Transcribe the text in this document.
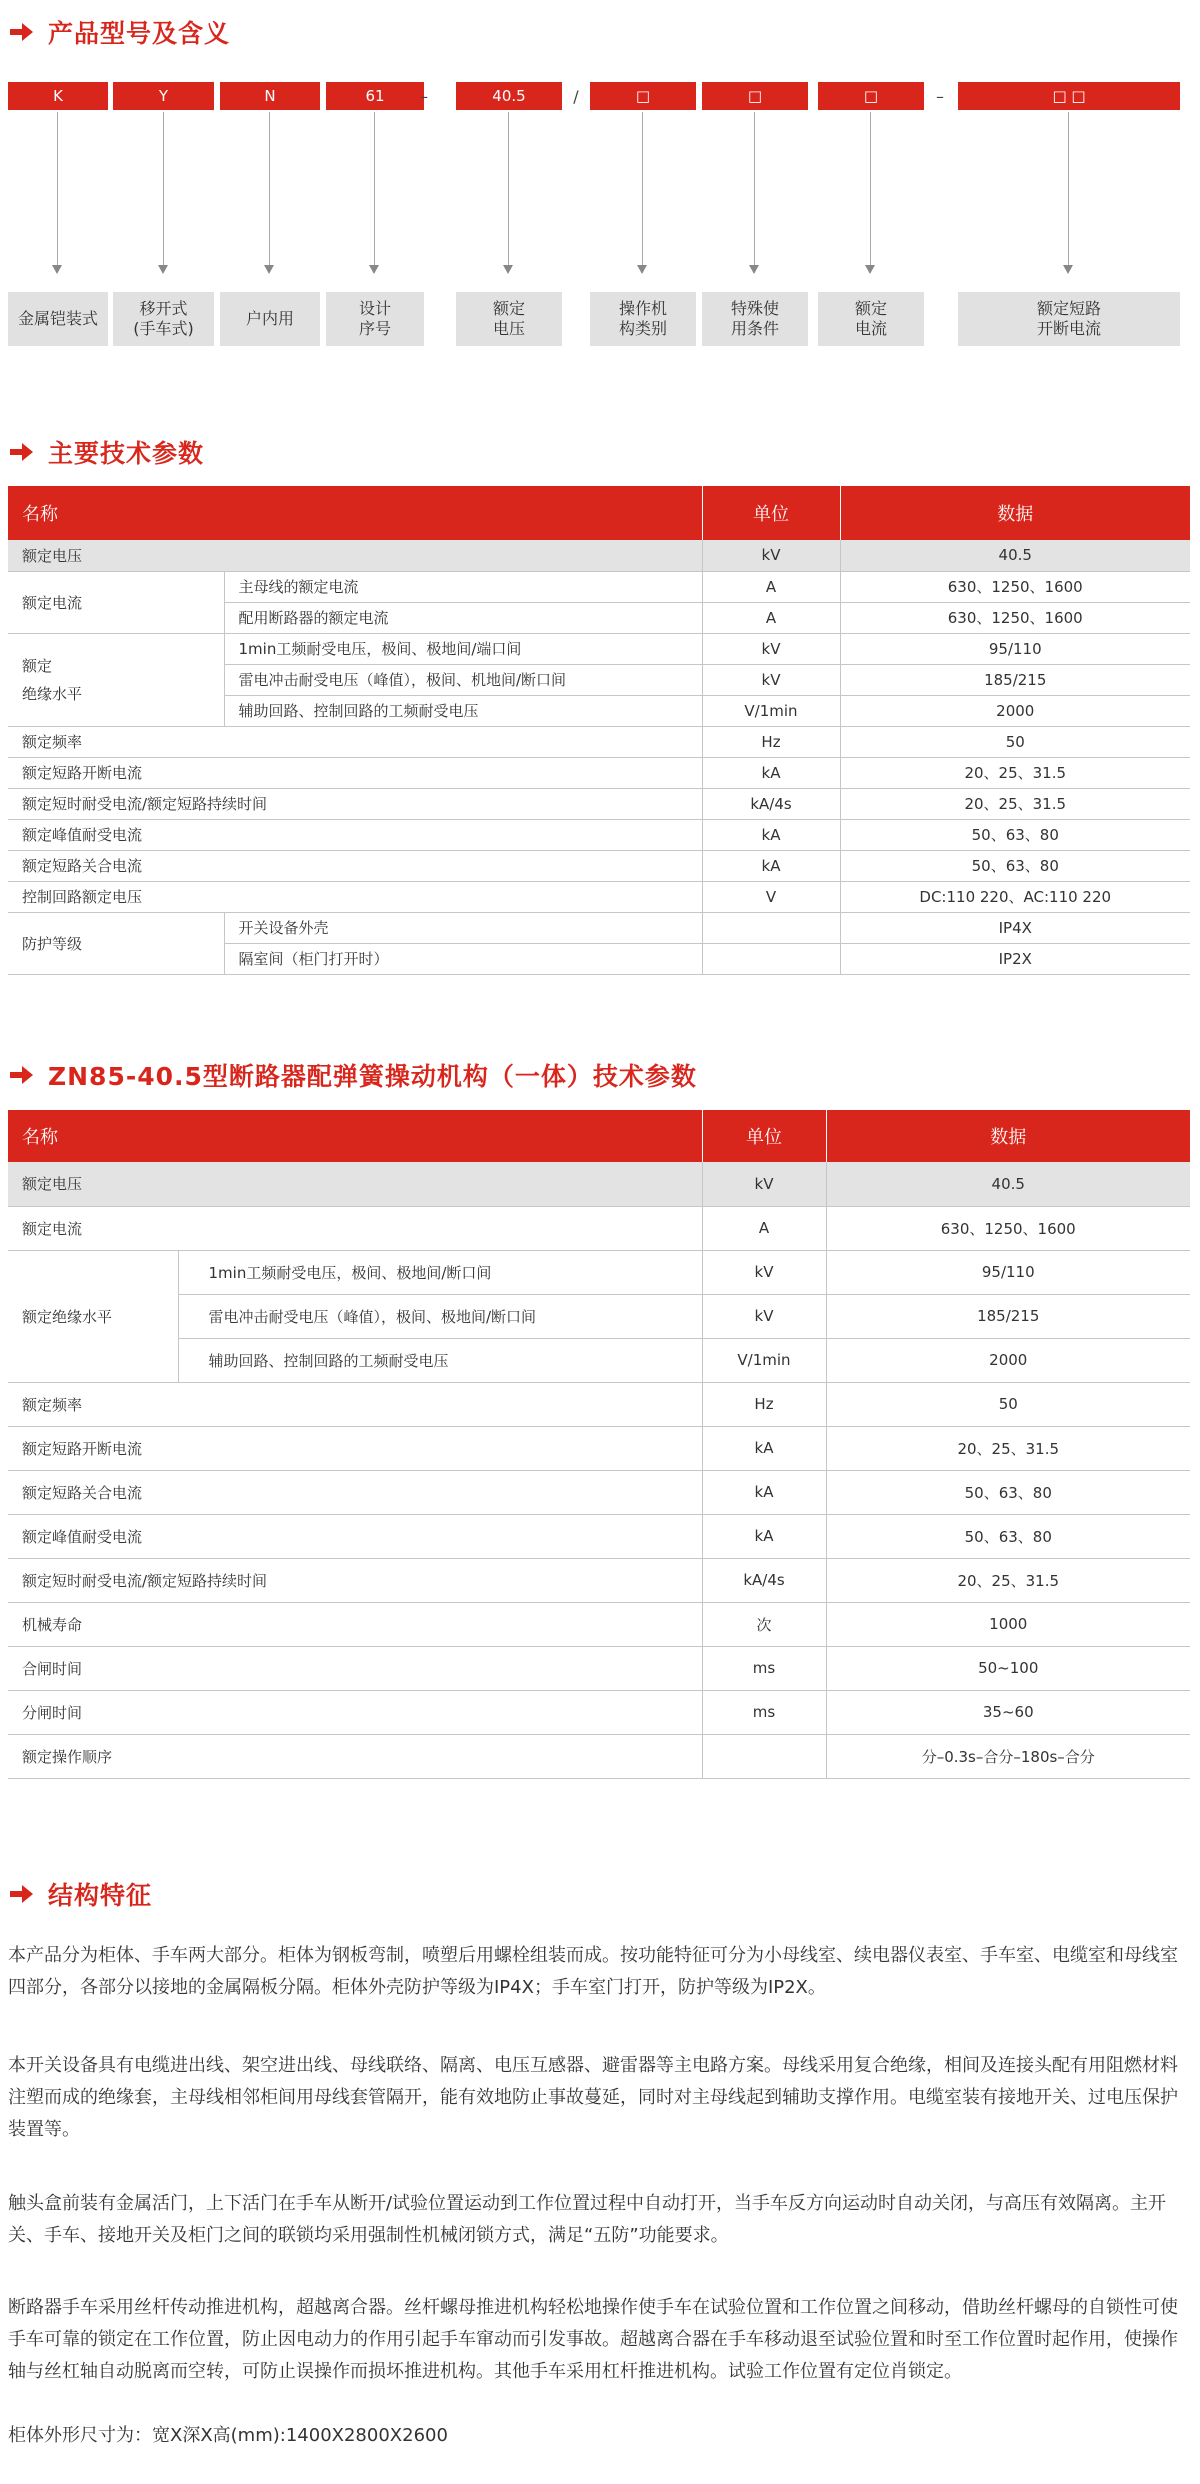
产品型号及含义
K	Y	N	61	–	40.5	/	□	□	□	–	□ □
金属铠装式
移开式
(手车式)
户内用
设计
序号
额定
电压
操作机
构类别
特殊使
用条件
额定
电流
额定短路
开断电流
主要技术参数
名称		单位	数据
额定电压		kV	40.5
额定电流	主母线的额定电流	A	630、1250、1600
	配用断路器的额定电流	A	630、1250、1600
额定
绝缘水平	1min工频耐受电压，极间、极地间/端口间	kV	95/110
	雷电冲击耐受电压（峰值），极间、机地间/断口间	kV	185/215
	辅助回路、控制回路的工频耐受电压	V/1min	2000
额定频率		Hz	50
额定短路开断电流		kA	20、25、31.5
额定短时耐受电流/额定短路持续时间		kA/4s	20、25、31.5
额定峰值耐受电流		kA	50、63、80
额定短路关合电流		kA	50、63、80
控制回路额定电压		V	DC:110 220、AC:110 220
防护等级	开关设备外壳		IP4X
	隔室间（柜门打开时）		IP2X
ZN85-40.5型断路器配弹簧操动机构（一体）技术参数
名称		单位	数据
额定电压		kV	40.5
额定电流		A	630、1250、1600
额定绝缘水平	1min工频耐受电压，极间、极地间/断口间	kV	95/110
	雷电冲击耐受电压（峰值），极间、极地间/断口间	kV	185/215
	辅助回路、控制回路的工频耐受电压	V/1min	2000
额定频率		Hz	50
额定短路开断电流		kA	20、25、31.5
额定短路关合电流		kA	50、63、80
额定峰值耐受电流		kA	50、63、80
额定短时耐受电流/额定短路持续时间		kA/4s	20、25、31.5
机械寿命		次	1000
合闸时间		ms	50~100
分闸时间		ms	35~60
额定操作顺序			分–0.3s–合分–180s–合分
结构特征

本产品分为柜体、手车两大部分。柜体为钢板弯制，喷塑后用螺栓组装而成。按功能特征可分为小母线室、续电器仪表室、手车室、电缆室和母线室四部分，各部分以接地的金属隔板分隔。柜体外壳防护等级为IP4X；手车室门打开，防护等级为IP2X。

本开关设备具有电缆进出线、架空进出线、母线联络、隔离、电压互感器、避雷器等主电路方案。母线采用复合绝缘，相间及连接头配有用阻燃材料注塑而成的绝缘套，主母线相邻柜间用母线套管隔开，能有效地防止事故蔓延，同时对主母线起到辅助支撑作用。电缆室装有接地开关、过电压保护装置等。

触头盒前装有金属活门，上下活门在手车从断开/试验位置运动到工作位置过程中自动打开，当手车反方向运动时自动关闭，与高压有效隔离。主开关、手车、接地开关及柜门之间的联锁均采用强制性机械闭锁方式，满足“五防”功能要求。

断路器手车采用丝杆传动推进机构，超越离合器。丝杆螺母推进机构轻松地操作使手车在试验位置和工作位置之间移动，借助丝杆螺母的自锁性可使手车可靠的锁定在工作位置，防止因电动力的作用引起手车窜动而引发事故。超越离合器在手车移动退至试验位置和时至工作位置时起作用，使操作轴与丝杠轴自动脱离而空转，可防止误操作而损坏推进机构。其他手车采用杠杆推进机构。试验工作位置有定位肖锁定。

柜体外形尺寸为：宽X深X高(mm):1400X2800X2600
